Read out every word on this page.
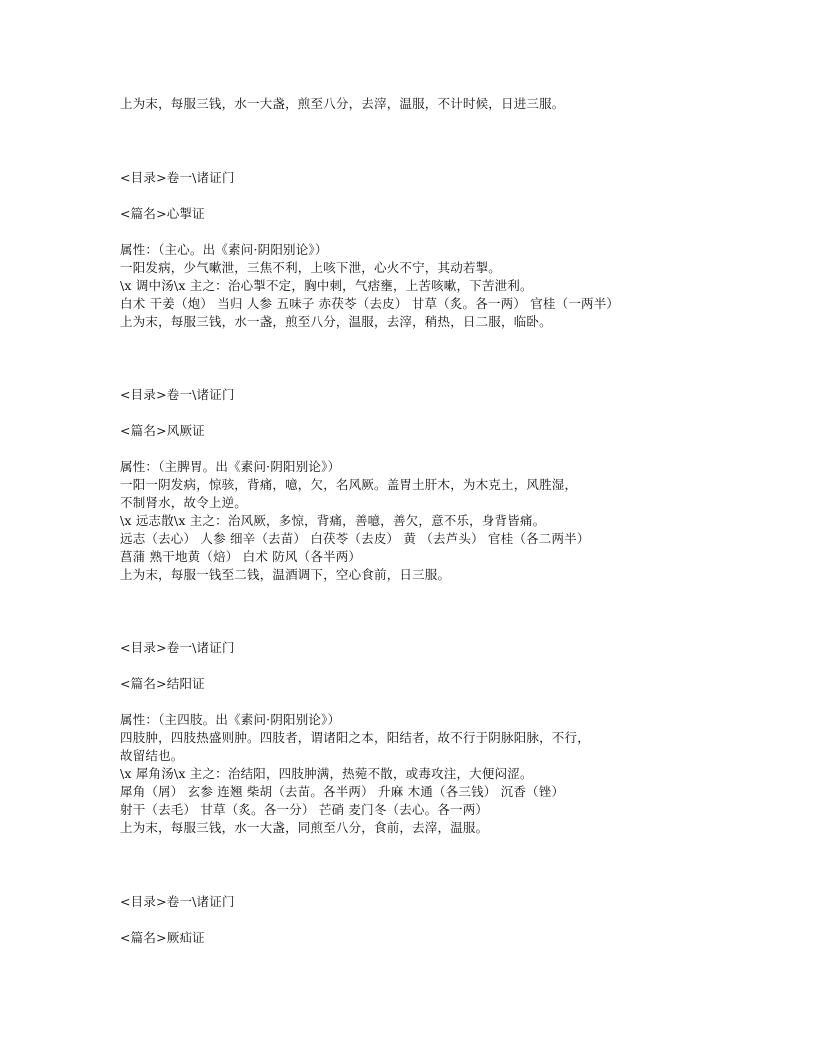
上为末，每服三钱，水一大盏，煎至八分，去滓，温服，不计时候，日进三服。
<目录>卷一\诸证门
<篇名>心掣证
属性：（主心。出《素问·阴阳别论》）
一阳发病，少气嗽泄，三焦不利，上咳下泄，心火不宁，其动若掣。
\x 调中汤\x 主之：治心掣不定，胸中刺，气痞壅，上苦咳嗽，下苦泄利。
白术 干姜（炮） 当归 人参 五味子 赤茯苓（去皮） 甘草（炙。各一两） 官桂（一两半）
上为末，每服三钱，水一盏，煎至八分，温服，去滓，稍热，日二服，临卧。
<目录>卷一\诸证门
<篇名>风厥证
属性：（主脾胃。出《素问·阴阳别论》）
一阳一阴发病，惊骇，背痛，噫，欠，名风厥。盖胃土肝木，为木克土，风胜湿，
不制肾水，故令上逆。
\x 远志散\x 主之：治风厥，多惊，背痛，善噫，善欠，意不乐，身背皆痛。
远志（去心） 人参 细辛（去苗） 白茯苓（去皮） 黄 （去芦头） 官桂（各二两半）
菖蒲 熟干地黄（焙） 白术 防风（各半两）
上为末，每服一钱至二钱，温酒调下，空心食前，日三服。
<目录>卷一\诸证门
<篇名>结阳证
属性：（主四肢。出《素问·阴阳别论》）
四肢肿，四肢热盛则肿。四肢者，谓诸阳之本，阳结者，故不行于阴脉阳脉，不行，
故留结也。
\x 犀角汤\x 主之：治结阳，四肢肿满，热菀不散，或毒攻注，大便闷涩。
犀角（屑） 玄参 连翘 柴胡（去苗。各半两） 升麻 木通（各三钱） 沉香（锉）
射干（去毛） 甘草（炙。各一分） 芒硝 麦门冬（去心。各一两）
上为末，每服三钱，水一大盏，同煎至八分，食前，去滓，温服。
<目录>卷一\诸证门
<篇名>厥疝证
